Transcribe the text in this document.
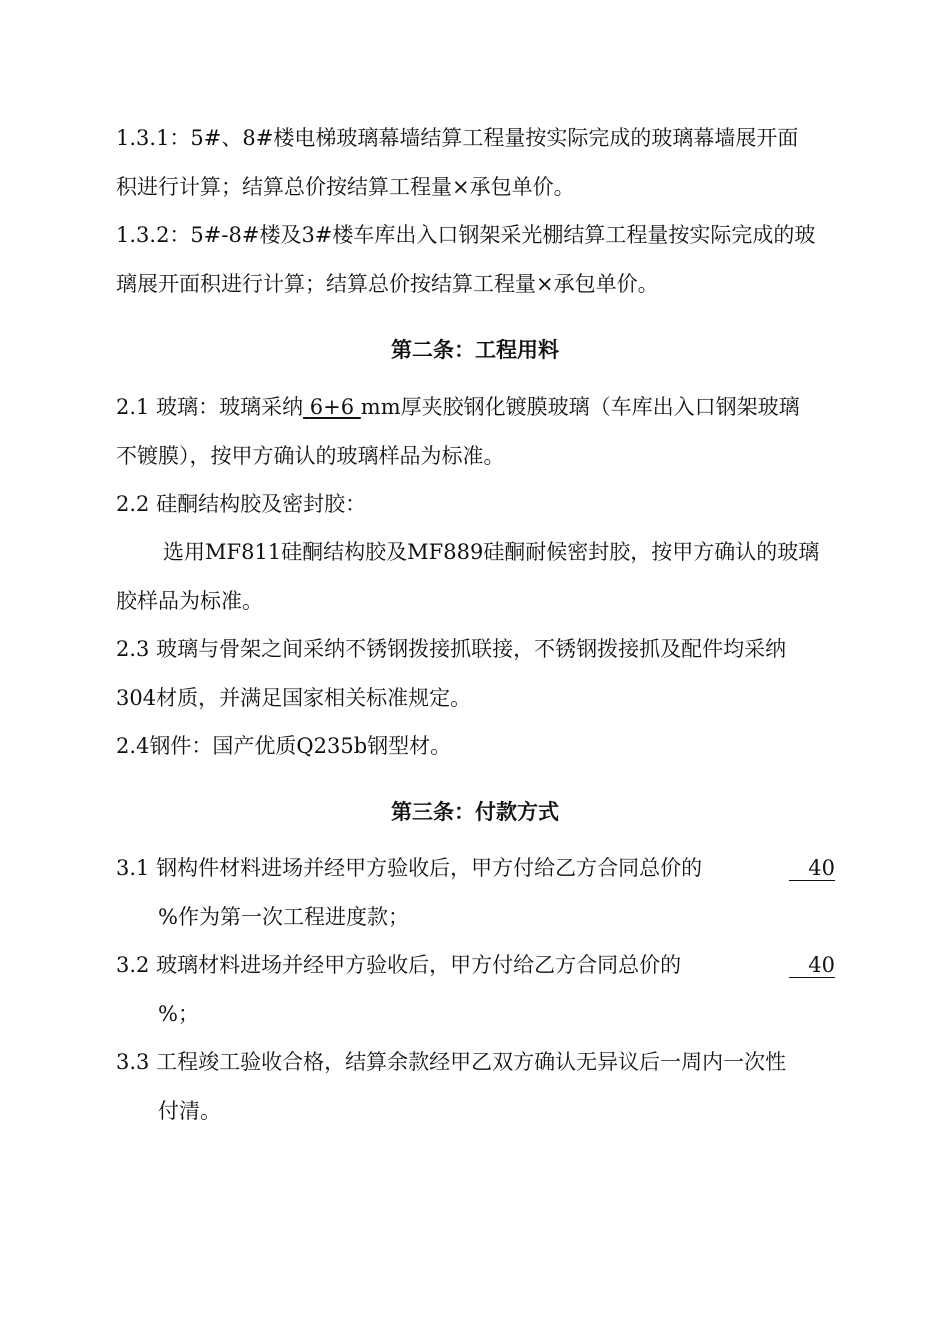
1.3.1：5#、8#楼电梯玻璃幕墙结算工程量按实际完成的玻璃幕墙展开面
积进行计算；结算总价按结算工程量×承包单价。
1.3.2：5#-8#楼及3#楼车库出入口钢架采光棚结算工程量按实际完成的玻
璃展开面积进行计算；结算总价按结算工程量×承包单价。
第二条：工程用料
2.1 玻璃：玻璃采纳 6+6 mm厚夹胶钢化镀膜玻璃（车库出入口钢架玻璃
不镀膜），按甲方确认的玻璃样品为标准。
2.2 硅酮结构胶及密封胶：
选用MF811硅酮结构胶及MF889硅酮耐候密封胶，按甲方确认的玻璃
胶样品为标准。
2.3 玻璃与骨架之间采纳不锈钢拨接抓联接，不锈钢拨接抓及配件均采纳
304材质，并满足国家相关标准规定。
2.4钢件：国产优质Q235b钢型材。
第三条：付款方式
3.1 钢构件材料进场并经甲方验收后，甲方付给乙方合同总价的	40
%作为第一次工程进度款；
3.2 玻璃材料进场并经甲方验收后，甲方付给乙方合同总价的	40
%；
3.3 工程竣工验收合格，结算余款经甲乙双方确认无异议后一周内一次性
付清。
